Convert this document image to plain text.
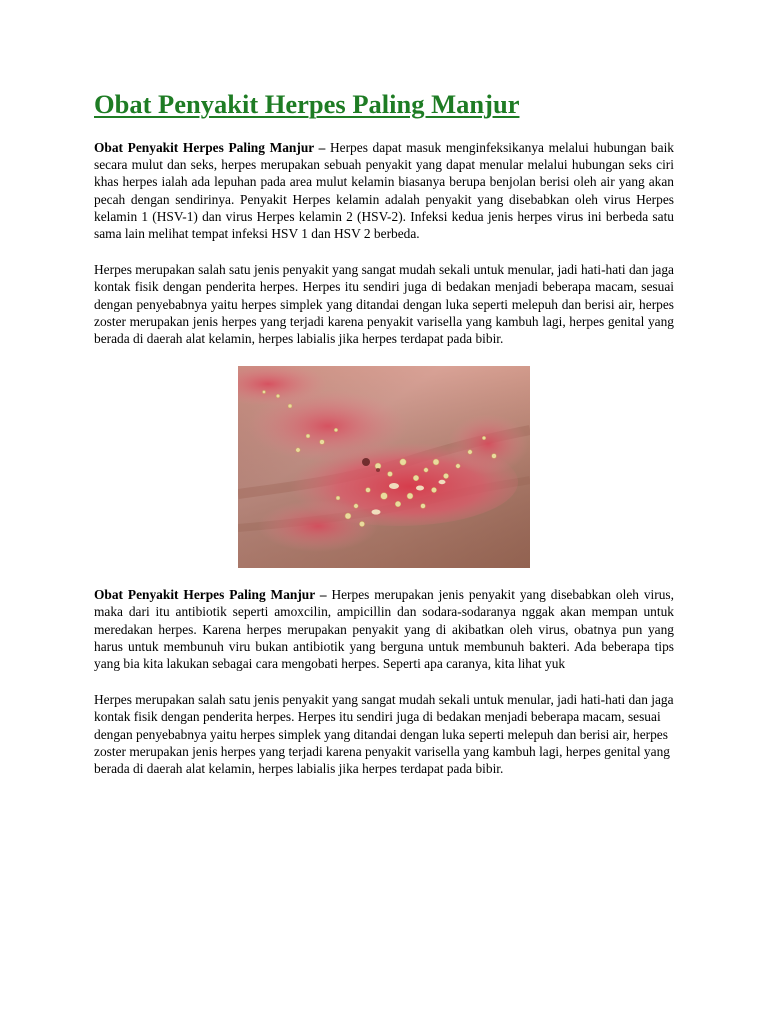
Obat Penyakit Herpes Paling Manjur

Obat Penyakit Herpes Paling Manjur – Herpes dapat masuk menginfeksikanya melalui hubungan baik secara mulut dan seks, herpes merupakan sebuah penyakit yang dapat menular melalui hubungan seks ciri khas herpes ialah ada lepuhan pada area mulut kelamin biasanya berupa benjolan berisi oleh air yang akan pecah dengan sendirinya. Penyakit Herpes kelamin adalah penyakit yang disebabkan oleh virus Herpes kelamin 1 (HSV-1) dan virus Herpes kelamin 2 (HSV-2). Infeksi kedua jenis herpes virus ini berbeda satu sama lain melihat tempat infeksi HSV 1 dan HSV 2 berbeda.

Herpes merupakan salah satu jenis penyakit yang sangat mudah sekali untuk menular, jadi hati-hati dan jaga kontak fisik dengan penderita herpes. Herpes itu sendiri juga di bedakan menjadi beberapa macam, sesuai dengan penyebabnya yaitu herpes simplek yang ditandai dengan luka seperti melepuh dan berisi air, herpes zoster merupakan jenis herpes yang terjadi karena penyakit varisella yang kambuh lagi, herpes genital yang berada di daerah alat kelamin, herpes labialis jika herpes terdapat pada bibir.

Obat Penyakit Herpes Paling Manjur – Herpes merupakan jenis penyakit yang disebabkan oleh virus, maka dari itu antibiotik seperti amoxcilin, ampicillin dan sodara-sodaranya nggak akan mempan untuk meredakan herpes. Karena herpes merupakan penyakit yang di akibatkan oleh virus, obatnya pun yang harus untuk membunuh viru bukan antibiotik yang berguna untuk membunuh bakteri. Ada beberapa tips yang bia kita lakukan sebagai cara mengobati herpes. Seperti apa caranya, kita lihat yuk

Herpes merupakan salah satu jenis penyakit yang sangat mudah sekali untuk menular, jadi hati-hati dan jaga kontak fisik dengan penderita herpes. Herpes itu sendiri juga di bedakan menjadi beberapa macam, sesuai dengan penyebabnya yaitu herpes simplek yang ditandai dengan luka seperti melepuh dan berisi air, herpes zoster merupakan jenis herpes yang terjadi karena penyakit varisella yang kambuh lagi, herpes genital yang berada di daerah alat kelamin, herpes labialis jika herpes terdapat pada bibir.
